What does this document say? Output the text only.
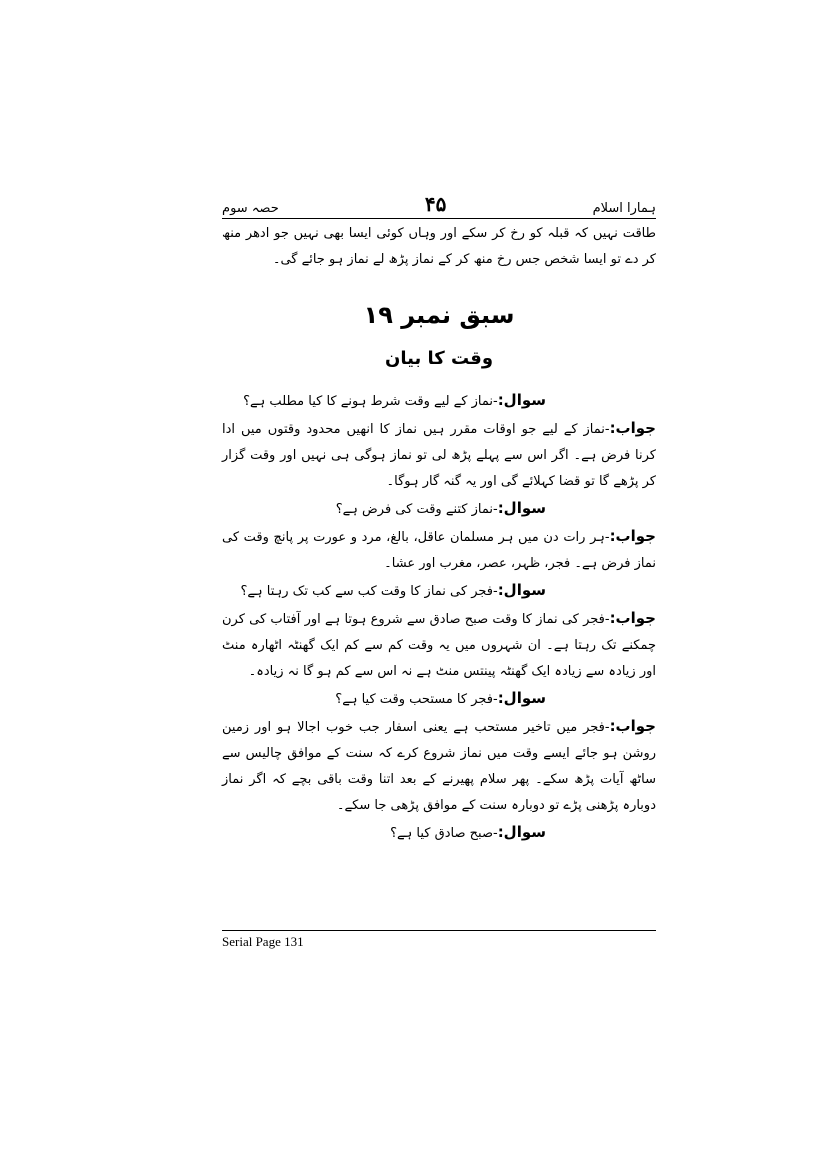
ہمارا اسلام
۴۵
حصہ سوم

طاقت نہیں کہ قبلہ کو رخ کر سکے اور وہاں کوئی ایسا بھی نہیں جو ادھر منھ کر دے تو ایسا شخص جس رخ منھ کر کے نماز پڑھ لے نماز ہو جائے گی۔

سبق نمبر ۱۹
وقت کا بیان

سوال:-نماز کے لیے وقت شرط ہونے کا کیا مطلب ہے؟

جواب:-نماز کے لیے جو اوقات مقرر ہیں نماز کا انھیں محدود وقتوں میں ادا کرنا فرض ہے۔ اگر اس سے پہلے پڑھ لی تو نماز ہوگی ہی نہیں اور وقت گزار کر پڑھے گا تو قضا کہلائے گی اور یہ گنہ گار ہوگا۔

سوال:-نماز کتنے وقت کی فرض ہے؟

جواب:-ہر رات دن میں ہر مسلمان عاقل، بالغ، مرد و عورت پر پانچ وقت کی نماز فرض ہے۔ فجر، ظہر، عصر، مغرب اور عشا۔

سوال:-فجر کی نماز کا وقت کب سے کب تک رہتا ہے؟

جواب:-فجر کی نماز کا وقت صبح صادق سے شروع ہوتا ہے اور آفتاب کی کرن چمکنے تک رہتا ہے۔ ان شہروں میں یہ وقت کم سے کم ایک گھنٹہ اٹھارہ منٹ اور زیادہ سے زیادہ ایک گھنٹہ پینتس منٹ ہے نہ اس سے کم ہو گا نہ زیادہ۔

سوال:-فجر کا مستحب وقت کیا ہے؟

جواب:-فجر میں تاخیر مستحب ہے یعنی اسفار جب خوب اجالا ہو اور زمین روشن ہو جائے ایسے وقت میں نماز شروع کرے کہ سنت کے موافق چالیس سے ساٹھ آیات پڑھ سکے۔ پھر سلام پھیرنے کے بعد اتنا وقت باقی بچے کہ اگر نماز دوبارہ پڑھنی پڑے تو دوبارہ سنت کے موافق پڑھی جا سکے۔

سوال:-صبح صادق کیا ہے؟

Serial Page 131
